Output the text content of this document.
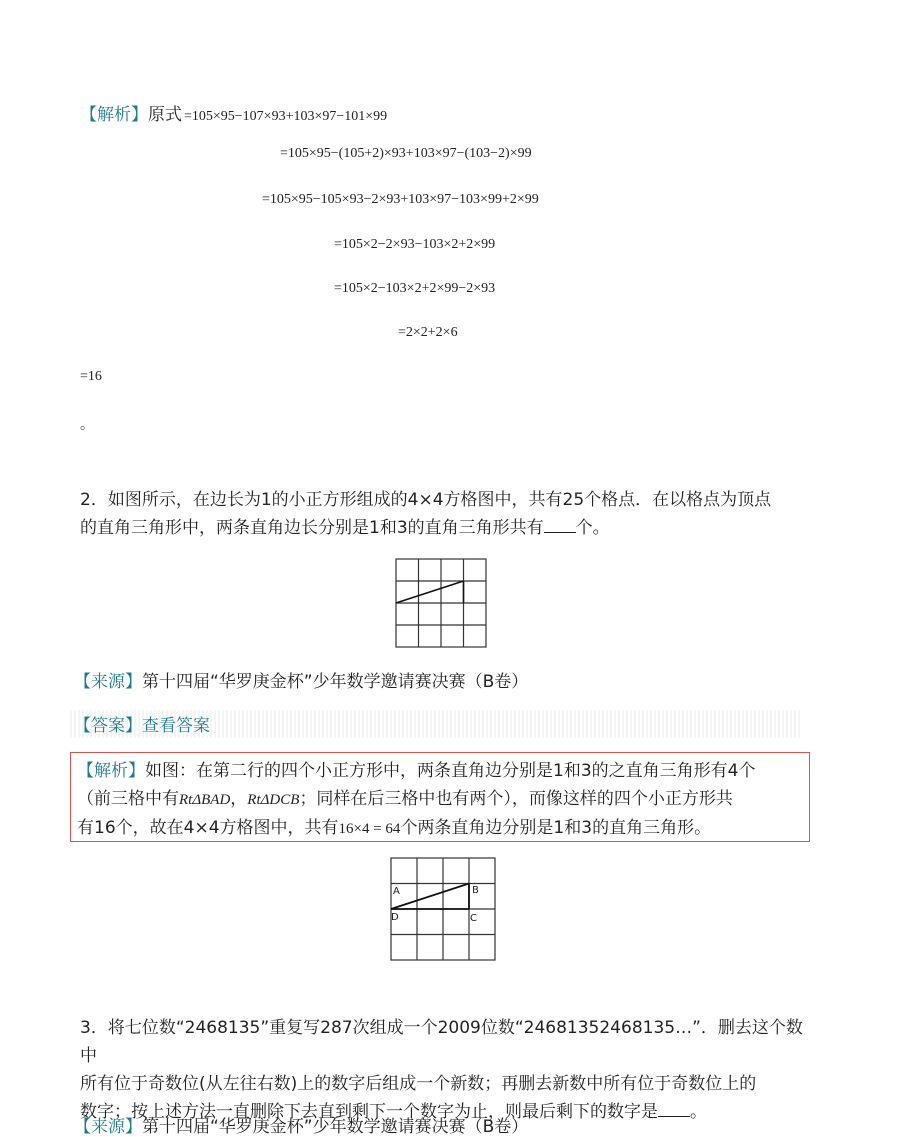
【解析】原式 =105×95−107×93+103×97−101×99
=105×95−(105+2)×93+103×97−(103−2)×99
=105×95−105×93−2×93+103×97−103×99+2×99
=105×2−2×93−103×2+2×99
=105×2−103×2+2×99−2×93
=2×2+2×6
=16
。
2．如图所示，在边长为1的小正方形组成的4×4方格图中，共有25个格点．在以格点为顶点
的直角三角形中，两条直角边长分别是1和3的直角三角形共有 个。
【来源】第十四届“华罗庚金杯”少年数学邀请赛决赛（B卷）
【答案】查看答案
【解析】如图：在第二行的四个小正方形中，两条直角边分别是1和3的之直角三角形有4个
（前三格中有RtΔBAD，RtΔDCB；同样在后三格中也有两个），而像这样的四个小正方形共
有16个，故在4×4方格图中，共有16×4 = 64个两条直角边分别是1和3的直角三角形。
A	B
C
D
3．将七位数“2468135”重复写287次组成一个2009位数“24681352468135…”．删去这个数中
所有位于奇数位(从左往右数)上的数字后组成一个新数；再删去新数中所有位于奇数位上的
数字；按上述方法一直删除下去直到剩下一个数字为止，则最后剩下的数字是 。
【来源】第十四届“华罗庚金杯”少年数学邀请赛决赛（B卷）
